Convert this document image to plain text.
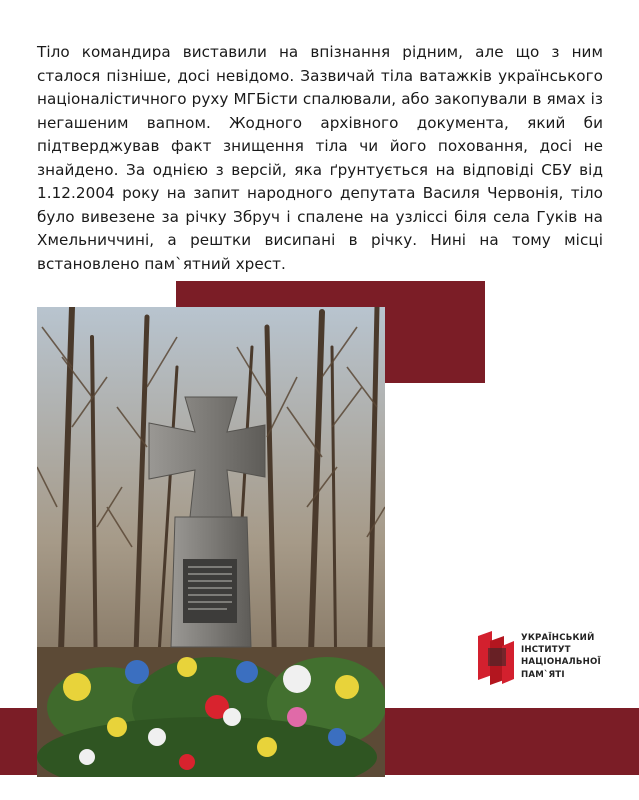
Тіло командира виставили на впізнання рідним, але що з ним сталося пізніше, досі невідомо. Зазвичай тіла ватажків українського націоналістичного руху МГБісти спалювали, або закопували в ямах із негашеним вапном. Жодного архівного документа, який би підтверджував факт знищення тіла чи його поховання, досі не знайдено. За однією з версій, яка ґрунтується на відповіді СБУ від 1.12.2004 року на запит народного депутата Василя Червонія, тіло було вивезене за річку Збруч і спалене на узліссі біля села Гуків на Хмельниччині, а рештки висипані в річку. Нині на тому місці встановлено пам`ятний хрест.

УКРАЇНСЬКИЙ
ІНСТИТУТ
НАЦІОНАЛЬНОЇ
ПАМ`ЯТІ
